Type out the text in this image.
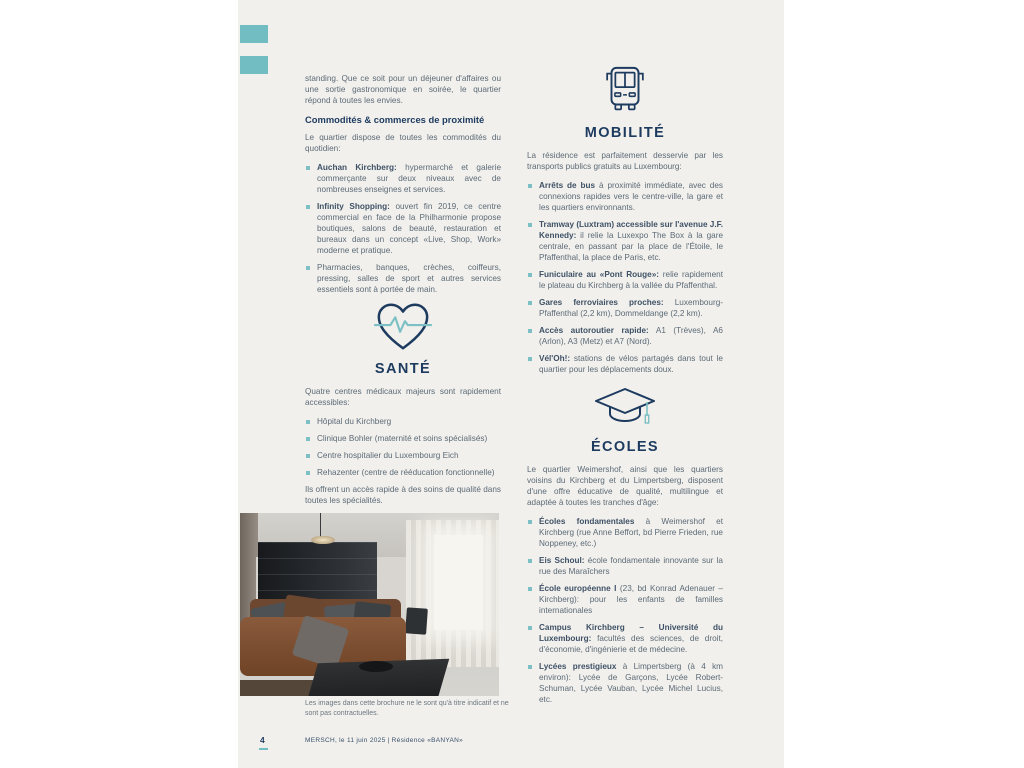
standing. Que ce soit pour un déjeuner d'affaires ou une sortie gastronomique en soirée, le quartier répond à toutes les envies.

Commodités & commerces de proximité

Le quartier dispose de toutes les commodités du quotidien:

Auchan Kirchberg: hypermarché et galerie commerçante sur deux niveaux avec de nombreuses enseignes et services.
Infinity Shopping: ouvert fin 2019, ce centre commercial en face de la Philharmonie propose boutiques, salons de beauté, restauration et bureaux dans un concept «Live, Shop, Work» moderne et pratique.
Pharmacies, banques, crèches, coiffeurs, pressing, salles de sport et autres services essentiels sont à portée de main.
SANTÉ

Quatre centres médicaux majeurs sont rapidement accessibles:

Hôpital du Kirchberg
Clinique Bohler (maternité et soins spécialisés)
Centre hospitalier du Luxembourg Eich
Rehazenter (centre de rééducation fonctionnelle)

Ils offrent un accès rapide à des soins de qualité dans toutes les spécialités.

Les images dans cette brochure ne le sont qu'à titre indicatif et ne sont pas contractuelles.
MOBILITÉ

La résidence est parfaitement desservie par les transports publics gratuits au Luxembourg:

Arrêts de bus à proximité immédiate, avec des connexions rapides vers le centre-ville, la gare et les quartiers environnants.
Tramway (Luxtram) accessible sur l'avenue J.F. Kennedy: il relie la Luxexpo The Box à la gare centrale, en passant par la place de l'Étoile, le Pfaffenthal, la place de Paris, etc.
Funiculaire au «Pont Rouge»: relie rapidement le plateau du Kirchberg à la vallée du Pfaffenthal.
Gares ferroviaires proches: Luxembourg-Pfaffenthal (2,2 km), Dommeldange (2,2 km).
Accès autoroutier rapide: A1 (Trèves), A6 (Arlon), A3 (Metz) et A7 (Nord).
Vél'Oh!: stations de vélos partagés dans tout le quartier pour les déplacements doux.
ÉCOLES

Le quartier Weimershof, ainsi que les quartiers voisins du Kirchberg et du Limpertsberg, disposent d'une offre éducative de qualité, multilingue et adaptée à toutes les tranches d'âge:

Écoles fondamentales à Weimershof et Kirchberg (rue Anne Beffort, bd Pierre Frieden, rue Noppeney, etc.)
Eis Schoul: école fondamentale innovante sur la rue des Maraîchers
École européenne I (23, bd Konrad Adenauer – Kirchberg): pour les enfants de familles internationales
Campus Kirchberg – Université du Luxembourg: facultés des sciences, de droit, d'économie, d'ingénierie et de médecine.
Lycées prestigieux à Limpertsberg (à 4 km environ): Lycée de Garçons, Lycée Robert-Schuman, Lycée Vauban, Lycée Michel Lucius, etc.
4	MERSCH, le 11 juin 2025 | Résidence «BANYAN»
